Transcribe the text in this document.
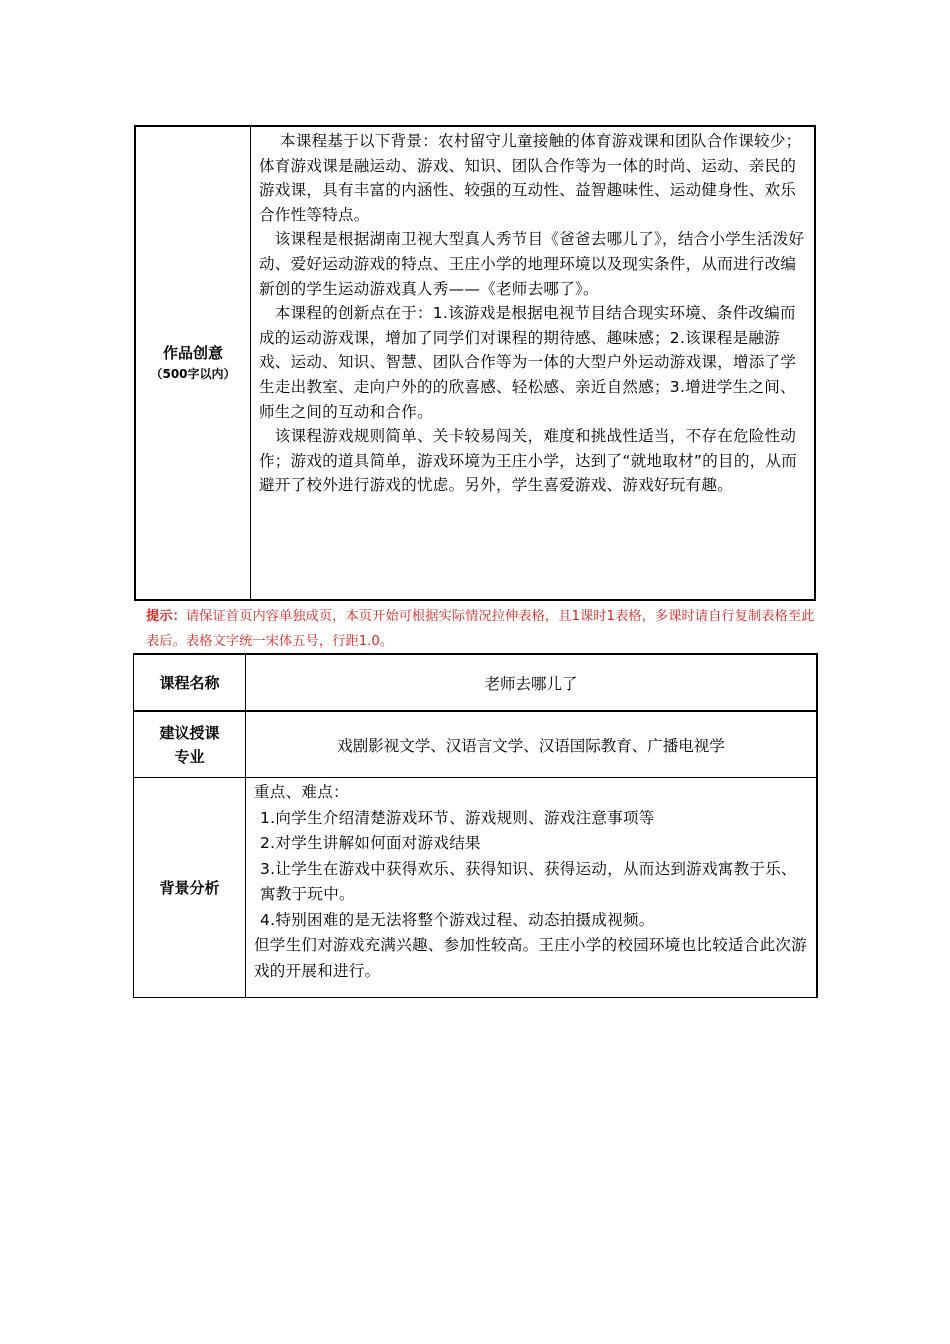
作品创意
（500字以内）

　 本课程基于以下背景：农村留守儿童接触的体育游戏课和团队合作课较少；体育游戏课是融运动、游戏、知识、团队合作等为一体的时尚、运动、亲民的游戏课，具有丰富的内涵性、较强的互动性、益智趣味性、运动健身性、欢乐合作性等特点。

　该课程是根据湖南卫视大型真人秀节目《爸爸去哪儿了》，结合小学生活泼好动、爱好运动游戏的特点、王庄小学的地理环境以及现实条件，从而进行改编新创的学生运动游戏真人秀——《老师去哪了》。

　本课程的创新点在于：1.该游戏是根据电视节目结合现实环境、条件改编而成的运动游戏课，增加了同学们对课程的期待感、趣味感；2.该课程是融游戏、运动、知识、智慧、团队合作等为一体的大型户外运动游戏课，增添了学生走出教室、走向户外的的欣喜感、轻松感、亲近自然感；3.增进学生之间、师生之间的互动和合作。

　该课程游戏规则简单、关卡较易闯关，难度和挑战性适当，不存在危险性动作；游戏的道具简单，游戏环境为王庄小学，达到了“就地取材”的目的，从而避开了校外进行游戏的忧虑。另外，学生喜爱游戏、游戏好玩有趣。

提示：请保证首页内容单独成页，本页开始可根据实际情况拉伸表格，且1课时1表格，多课时请自行复制表格至此表后。表格文字统一宋体五号，行距1.0。
课程名称	老师去哪儿了
建议授课专业
戏剧影视文学、汉语言文学、汉语国际教育、广播电视学
背景分析

重点、难点：

1.向学生介绍清楚游戏环节、游戏规则、游戏注意事项等

2.对学生讲解如何面对游戏结果

3.让学生在游戏中获得欢乐、获得知识、获得运动，从而达到游戏寓教于乐、寓教于玩中。

4.特别困难的是无法将整个游戏过程、动态拍摄成视频。

但学生们对游戏充满兴趣、参加性较高。王庄小学的校园环境也比较适合此次游戏的开展和进行。
